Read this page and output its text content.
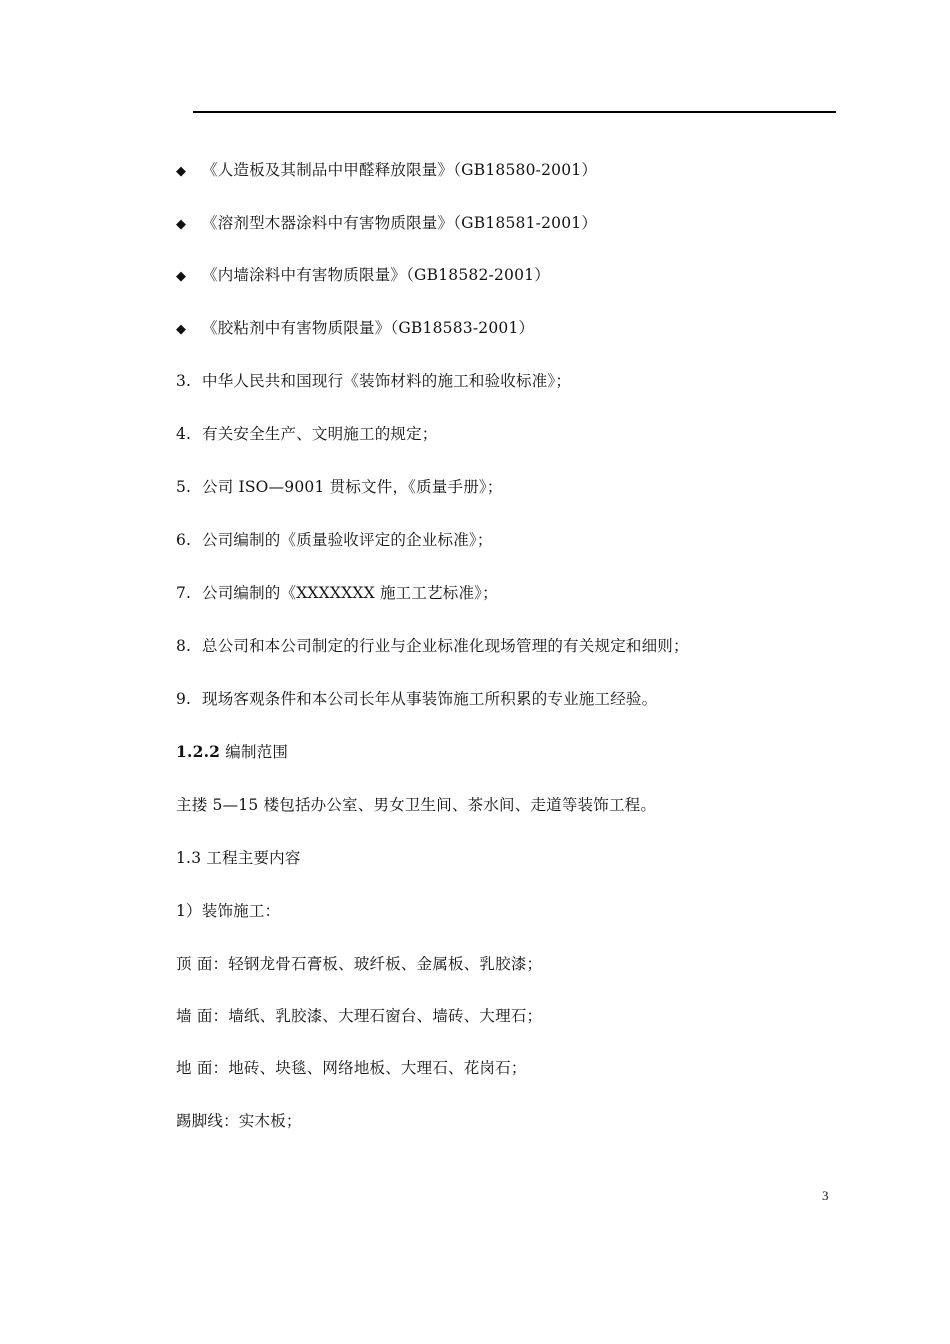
◆ 《人造板及其制品中甲醛释放限量》（GB18580-2001）
◆ 《溶剂型木器涂料中有害物质限量》（GB18581-2001）
◆ 《内墙涂料中有害物质限量》（GB18582-2001）
◆ 《胶粘剂中有害物质限量》（GB18583-2001）
3. 中华人民共和国现行《装饰材料的施工和验收标准》；
4. 有关安全生产、文明施工的规定；
5. 公司 ISO—9001 贯标文件，《质量手册》；
6. 公司编制的《质量验收评定的企业标准》；
7. 公司编制的《XXXXXXX 施工工艺标准》；
8. 总公司和本公司制定的行业与企业标准化现场管理的有关规定和细则；
9. 现场客观条件和本公司长年从事装饰施工所积累的专业施工经验。
1.2.2 编制范围
主搂 5—15 楼包括办公室、男女卫生间、茶水间、走道等装饰工程。
1.3 工程主要内容
1）装饰施工：
顶 面：轻钢龙骨石膏板、玻纤板、金属板、乳胶漆；
墙 面：墙纸、乳胶漆、大理石窗台、墙砖、大理石；
地 面：地砖、块毯、网络地板、大理石、花岗石；
踢脚线：实木板；
3
